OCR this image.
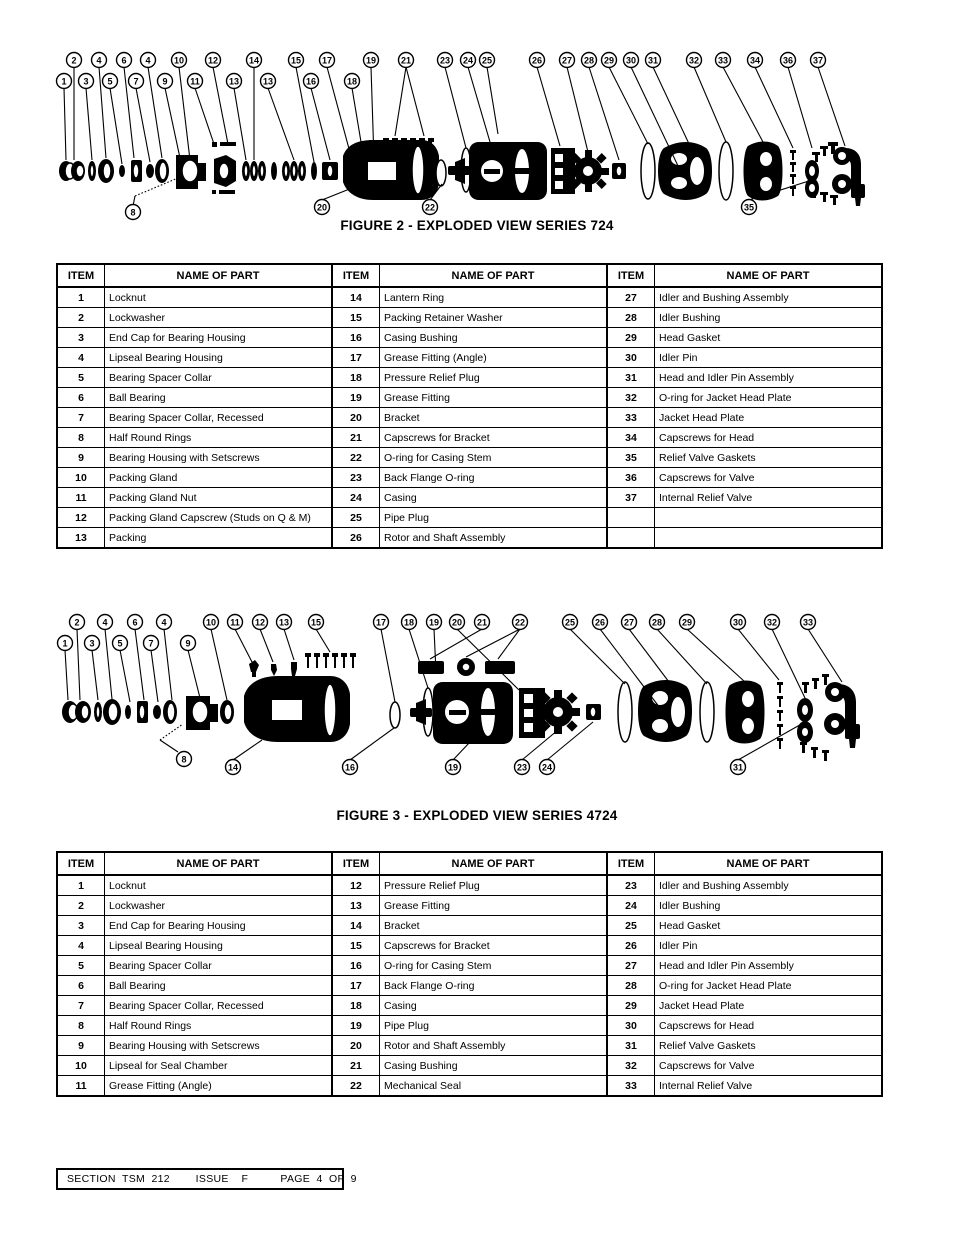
2 4 6 4	10	12	14	15 17	19	21	23 24 25	26 27 28 29 30 31	32 33 34	36 37
1 3 5 7	9	11	13	13	16	18
8	20	22	35
FIGURE 2 - EXPLODED VIEW SERIES 724
ITEM	NAME OF PART	ITEM	NAME OF PART	ITEM	NAME OF PART
1	Locknut	14	Lantern Ring	27	Idler and Bushing Assembly
2	Lockwasher	15	Packing Retainer Washer	28	Idler Bushing
3	End Cap for Bearing Housing	16	Casing Bushing	29	Head Gasket
4	Lipseal Bearing Housing	17	Grease Fitting (Angle)	30	Idler Pin
5	Bearing Spacer Collar	18	Pressure Relief Plug	31	Head and Idler Pin Assembly
6	Ball Bearing	19	Grease Fitting	32	O-ring for Jacket Head Plate
7	Bearing Spacer Collar, Recessed	20	Bracket	33	Jacket Head Plate
8	Half Round Rings	21	Capscrews for Bracket	34	Capscrews for Head
9	Bearing Housing with Setscrews	22	O-ring for Casing Stem	35	Relief Valve Gaskets
10	Packing Gland	23	Back Flange O-ring	36	Capscrews for Valve
11	Packing Gland Nut	24	Casing	37	Internal Relief Valve
12	Packing Gland Capscrew (Studs on Q & M)	25	Pipe Plug		
13	Packing	26	Rotor and Shaft Assembly		
2	4	6	4	10 11 12 13 15	17 18 19 20 21	22	25 26 27 28 29	30	32	33
1 3	5	7	9
8
14	16	19	23 24	31
FIGURE 3 - EXPLODED VIEW SERIES 4724
ITEM	NAME OF PART	ITEM	NAME OF PART	ITEM	NAME OF PART
1	Locknut	12	Pressure Relief Plug	23	Idler and Bushing Assembly
2	Lockwasher	13	Grease Fitting	24	Idler Bushing
3	End Cap for Bearing Housing	14	Bracket	25	Head Gasket
4	Lipseal Bearing Housing	15	Capscrews for Bracket	26	Idler Pin
5	Bearing Spacer Collar	16	O-ring for Casing Stem	27	Head and Idler Pin Assembly
6	Ball Bearing	17	Back Flange O-ring	28	O-ring for Jacket Head Plate
7	Bearing Spacer Collar, Recessed	18	Casing	29	Jacket Head Plate
8	Half Round Rings	19	Pipe Plug	30	Capscrews for Head
9	Bearing Housing with Setscrews	20	Rotor and Shaft Assembly	31	Relief Valve Gaskets
10	Lipseal for Seal Chamber	21	Casing Bushing	32	Capscrews for Valve
11	Grease Fitting (Angle)	22	Mechanical Seal	33	Internal Relief Valve
SECTION  TSM  212        ISSUE    F          PAGE  4  OF  9
